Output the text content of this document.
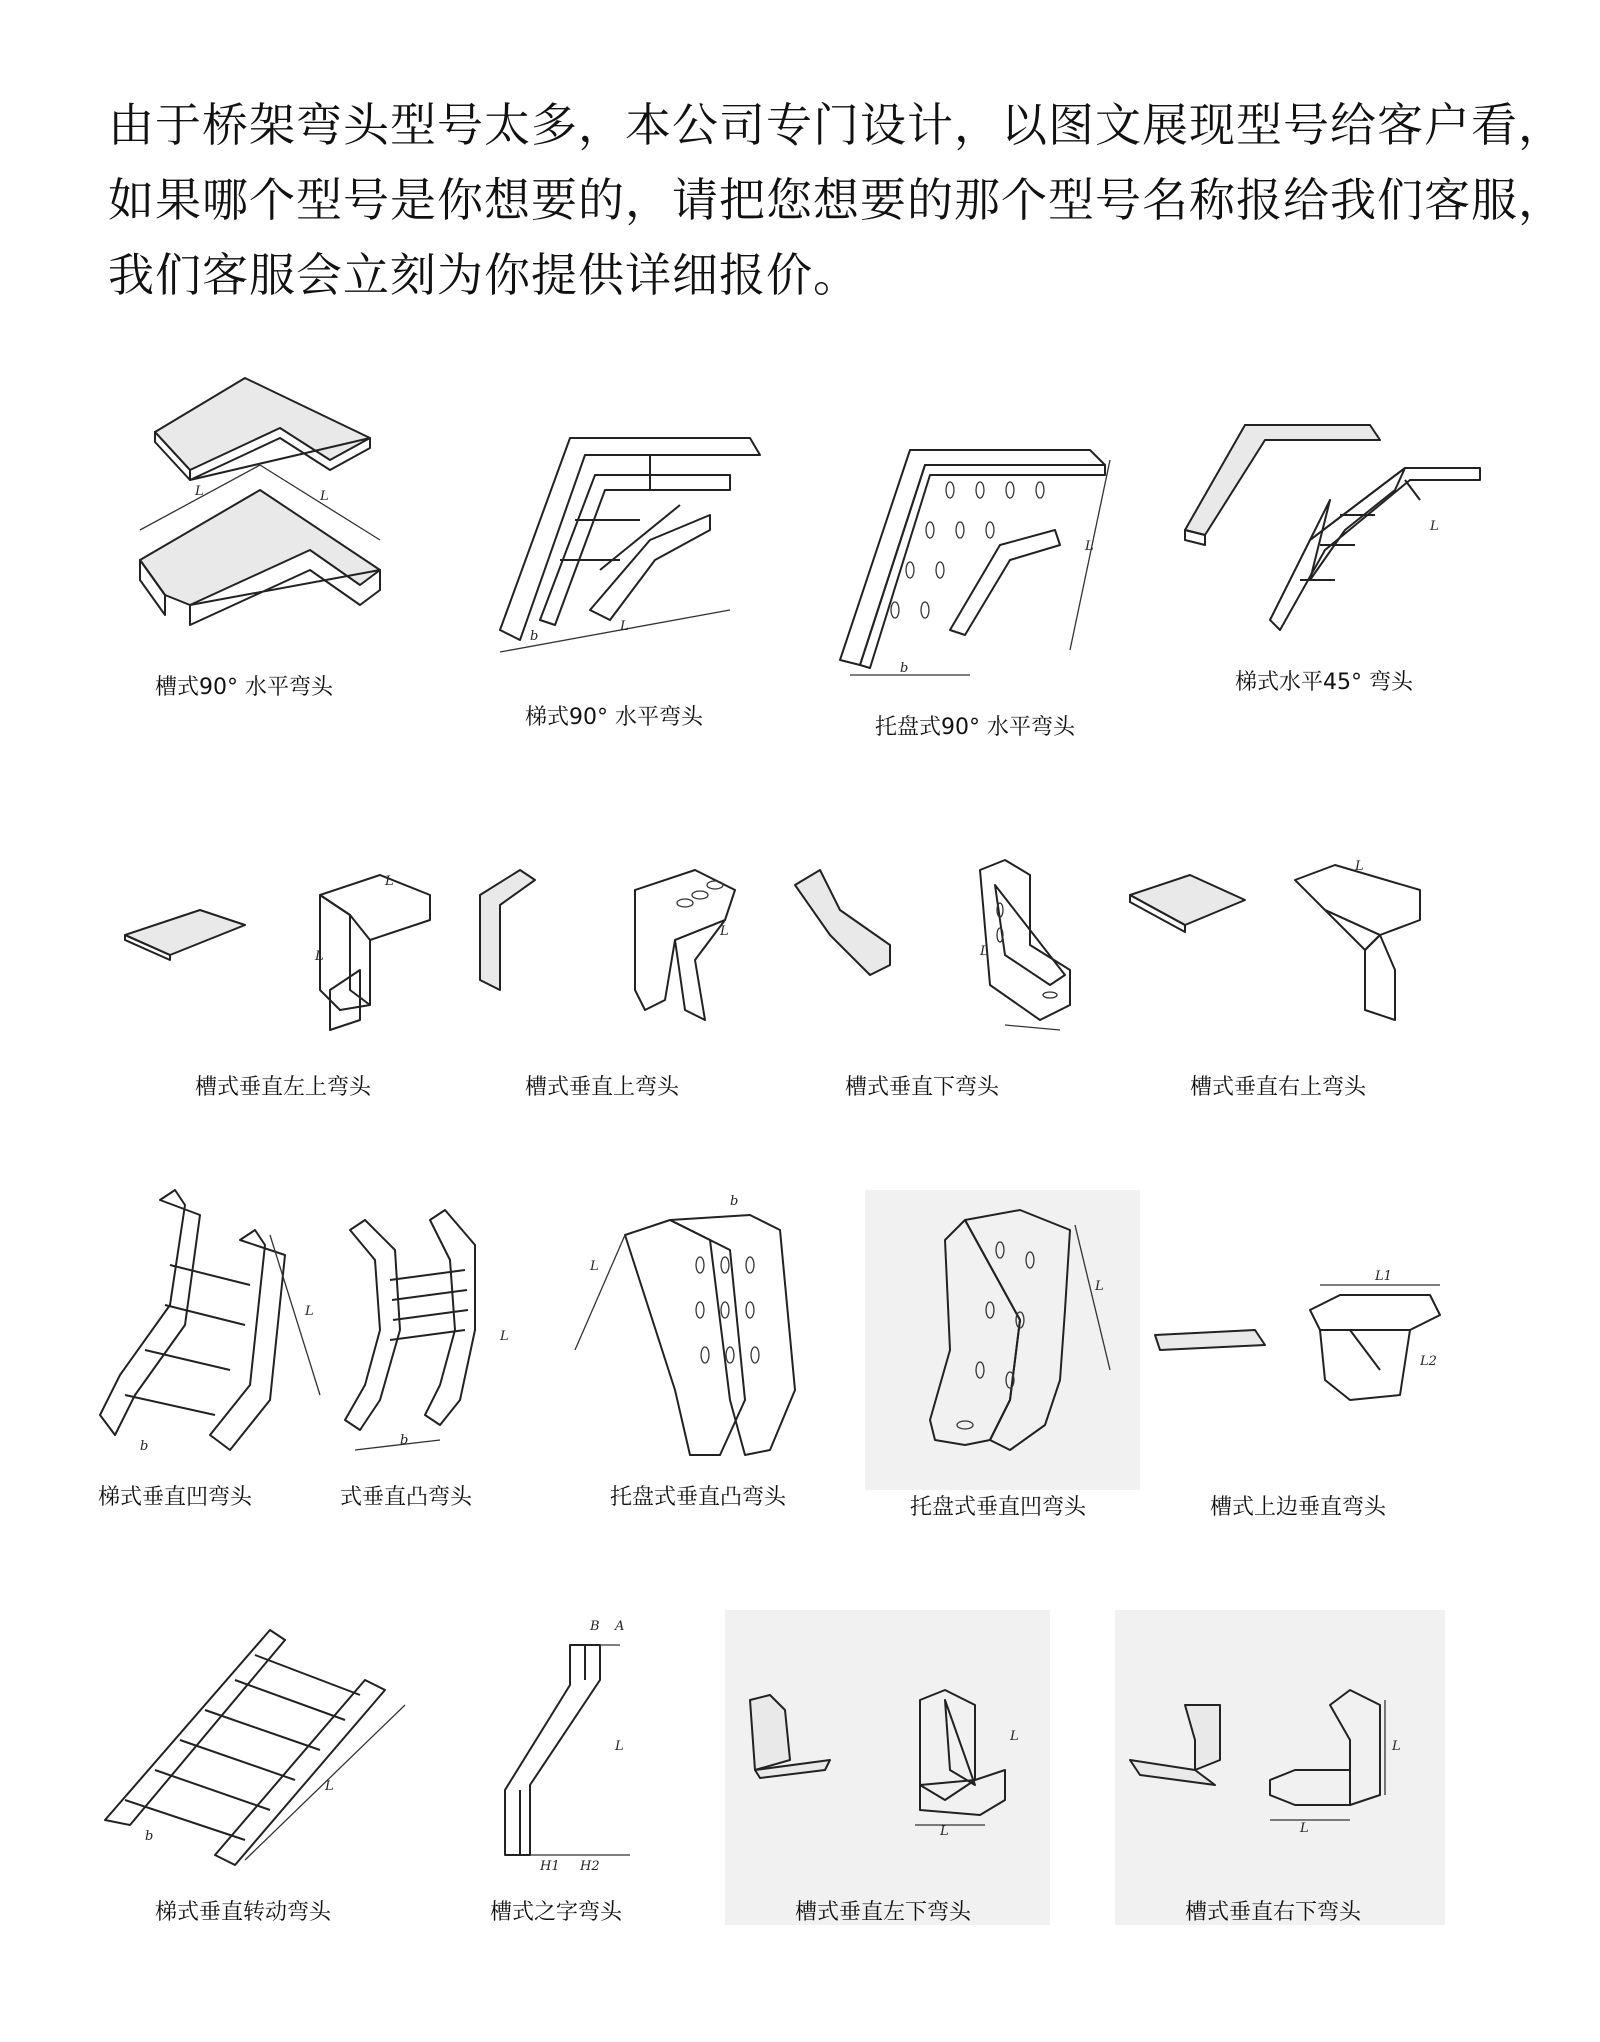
由于桥架弯头型号太多，本公司专门设计，以图文展现型号给客户看，

如果哪个型号是你想要的，请把您想要的那个型号名称报给我们客服，

我们客服会立刻为你提供详细报价。

L	L
槽式90° 水平弯头
L
b
梯式90° 水平弯头
L
b
托盘式90° 水平弯头
L
梯式水平45° 弯头
L
L
槽式垂直左上弯头
L
槽式垂直上弯头
L
槽式垂直下弯头
L
槽式垂直右上弯头
L
b
梯式垂直凹弯头
b
L
式垂直凸弯头
L
b
托盘式垂直凸弯头
L
托盘式垂直凹弯头
L1
L2
槽式上边垂直弯头
L
b
梯式垂直转动弯头
L
B A
H1 H2
槽式之字弯头
L
L
槽式垂直左下弯头
L
L
槽式垂直右下弯头
